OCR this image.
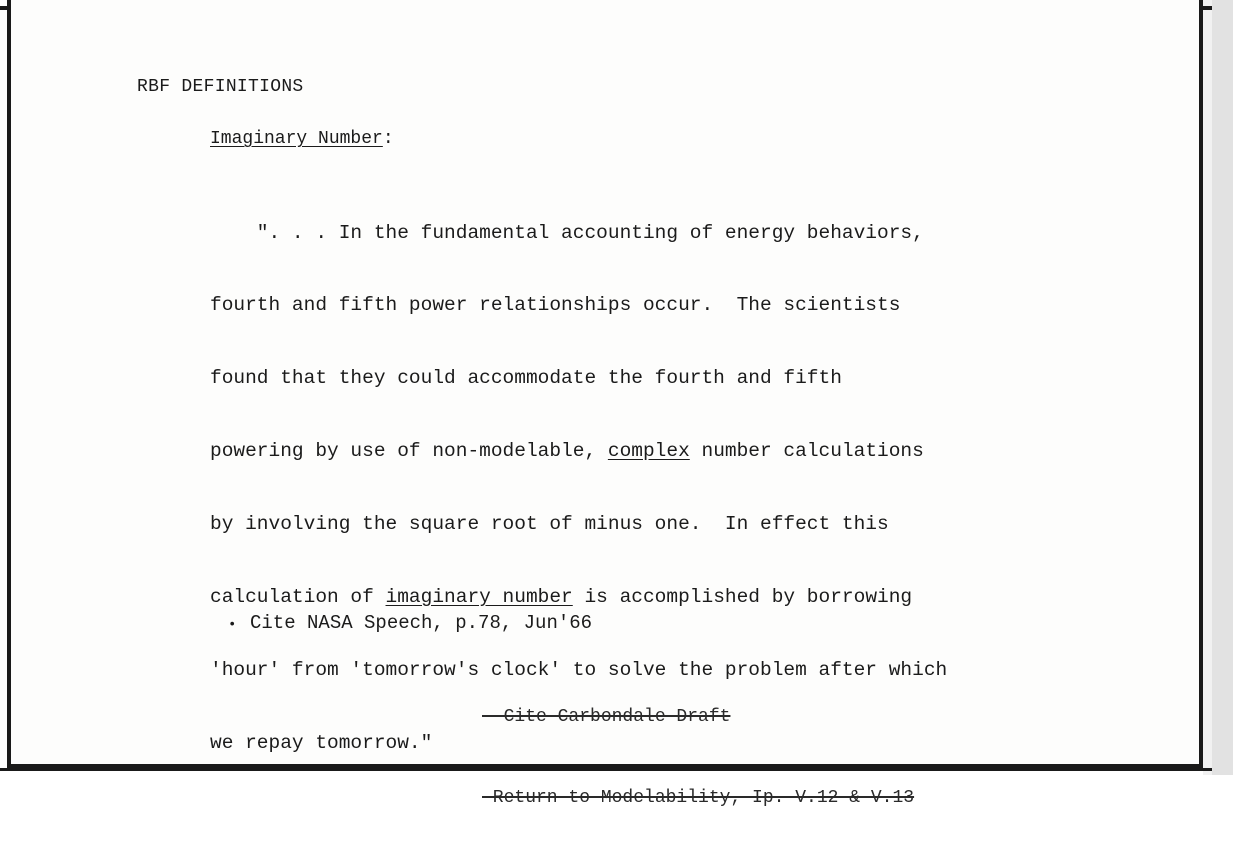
RBF DEFINITIONS
Imaginary Number:

". . . In the fundamental accounting of energy behaviors,

fourth and fifth power relationships occur.  The scientists

found that they could accommodate the fourth and fifth

powering by use of non-modelable, complex number calculations

by involving the square root of minus one.  In effect this

calculation of imaginary number is accomplished by borrowing

'hour' from 'tomorrow's clock' to solve the problem after which

we repay tomorrow."

• Cite NASA Speech, p.78, Jun'66

--Cite Carbondale Draft

Return to Modelability, Ip. V.12 & V.13
